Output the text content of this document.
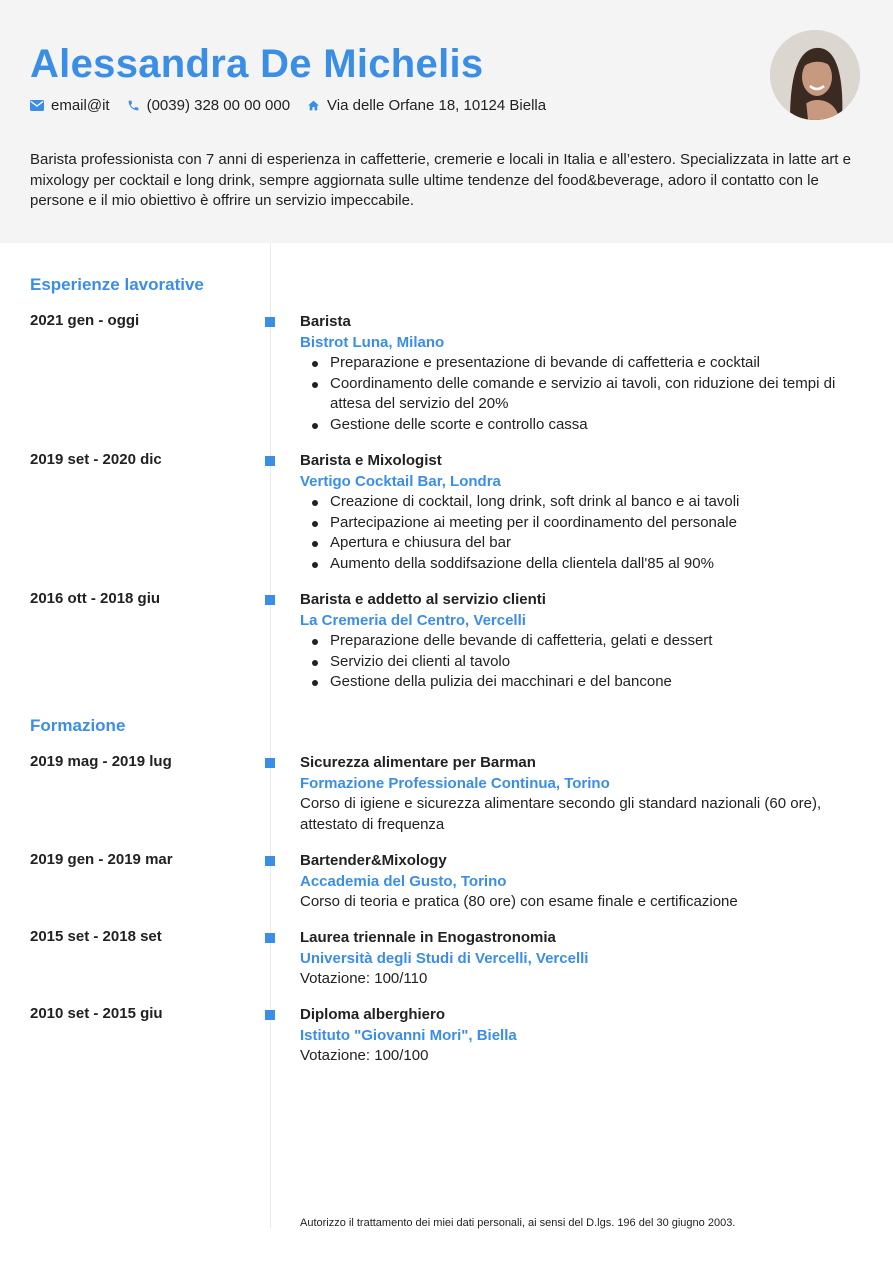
Alessandra De Michelis
email@it (0039) 328 00 00 000 Via delle Orfane 18, 10124 Biella

Barista professionista con 7 anni di esperienza in caffetterie, cremerie e locali in Italia e all’estero. Specializzata in latte art e mixology per cocktail e long drink, sempre aggiornata sulle ultime tendenze del food&beverage, adoro il contatto con le persone e il mio obiettivo è offrire un servizio impeccabile.

Esperienze lavorative
2021 gen - oggi	Barista
Bistrot Luna, Milano
Preparazione e presentazione di bevande di caffetteria e cocktail
Coordinamento delle comande e servizio ai tavoli, con riduzione dei tempi di attesa del servizio del 20%
Gestione delle scorte e controllo cassa
2019 set - 2020 dic	Barista e Mixologist
Vertigo Cocktail Bar, Londra
Creazione di cocktail, long drink, soft drink al banco e ai tavoli
Partecipazione ai meeting per il coordinamento del personale
Apertura e chiusura del bar
Aumento della soddifsazione della clientela dall'85 al 90%
2016 ott - 2018 giu	Barista e addetto al servizio clienti
La Cremeria del Centro, Vercelli
Preparazione delle bevande di caffetteria, gelati e dessert
Servizio dei clienti al tavolo
Gestione della pulizia dei macchinari e del bancone
Formazione
2019 mag - 2019 lug	Sicurezza alimentare per Barman
Formazione Professionale Continua, Torino
Corso di igiene e sicurezza alimentare secondo gli standard nazionali (60 ore), attestato di frequenza
2019 gen - 2019 mar	Bartender&Mixology
Accademia del Gusto, Torino
Corso di teoria e pratica (80 ore) con esame finale e certificazione
2015 set - 2018 set	Laurea triennale in Enogastronomia
Università degli Studi di Vercelli, Vercelli
Votazione: 100/110
2010 set - 2015 giu	Diploma alberghiero
Istituto "Giovanni Mori", Biella
Votazione: 100/100
Autorizzo il trattamento dei miei dati personali, ai sensi del D.lgs. 196 del 30 giugno 2003.
